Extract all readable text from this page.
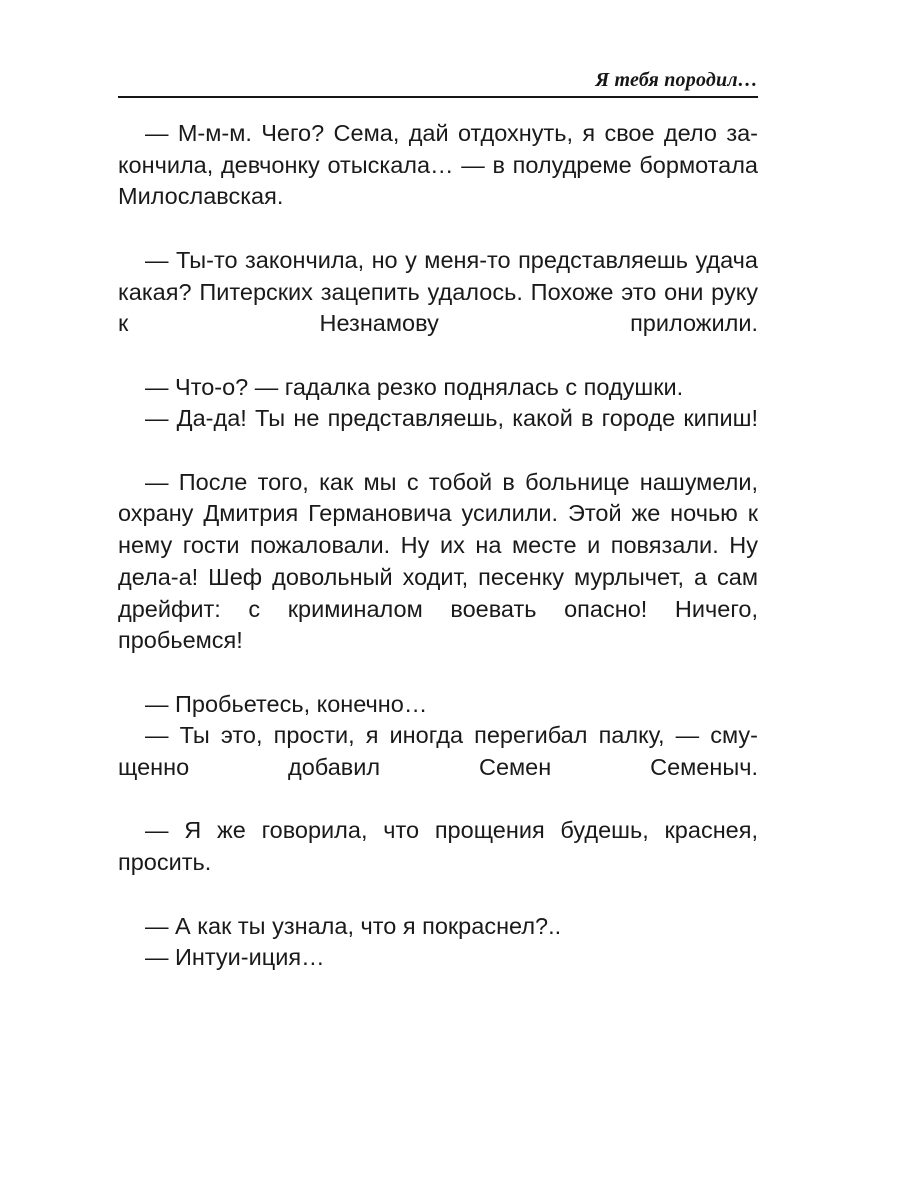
Я тебя породил…

— М-м-м. Чего? Сема, дай отдохнуть, я свое дело закончила, девчонку отыскала… — в полудреме бормотала Милославская.

— Ты-то закончила, но у меня-то представляешь удача какая? Питерских зацепить удалось. Похоже это они руку к Незнамову приложили.

— Что-о? — гадалка резко поднялась с подушки.

— Да-да! Ты не представляешь, какой в городе кипиш!

— После того, как мы с тобой в больнице нашумели, охрану Дмитрия Германовича усилили. Этой же ночью к нему гости пожаловали. Ну их на месте и повязали. Ну дела-а! Шеф довольный ходит, песенку мурлычет, а сам дрейфит: с криминалом воевать опасно! Ничего, пробьемся!

— Пробьетесь, конечно…

— Ты это, прости, я иногда перегибал палку, — смущенно добавил Семен Семеныч.

— Я же говорила, что прощения будешь, краснея, просить.

— А как ты узнала, что я покраснел?..

— Интуи-иция…
